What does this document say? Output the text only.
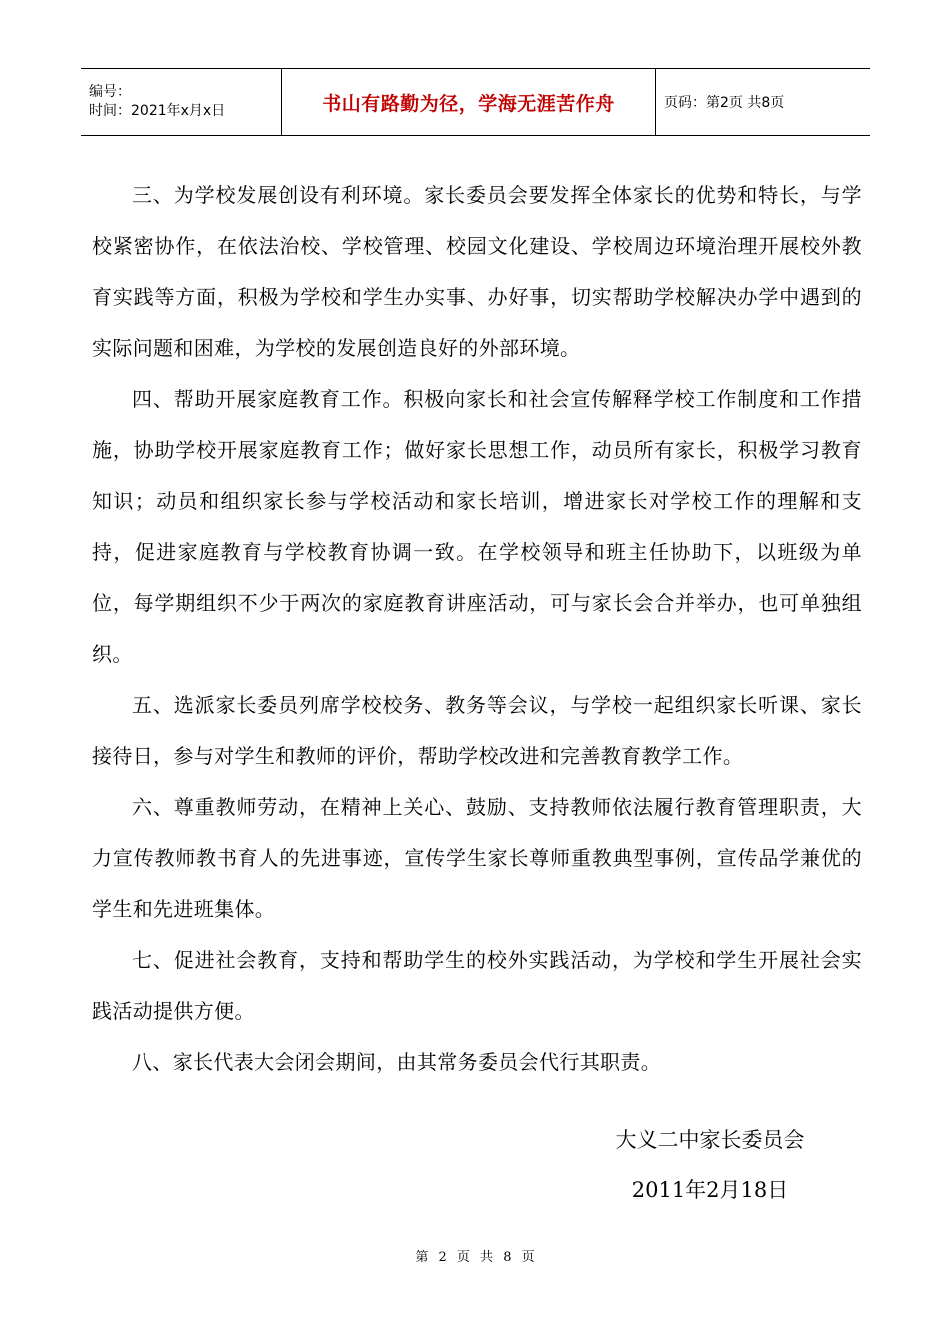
编号：
时间：2021年x月x日	书山有路勤为径，学海无涯苦作舟	页码：第2页 共8页

三、为学校发展创设有利环境。家长委员会要发挥全体家长的优势和特长，与学校紧密协作，在依法治校、学校管理、校园文化建设、学校周边环境治理开展校外教育实践等方面，积极为学校和学生办实事、办好事，切实帮助学校解决办学中遇到的实际问题和困难，为学校的发展创造良好的外部环境。

四、帮助开展家庭教育工作。积极向家长和社会宣传解释学校工作制度和工作措施，协助学校开展家庭教育工作；做好家长思想工作，动员所有家长，积极学习教育知识；动员和组织家长参与学校活动和家长培训，增进家长对学校工作的理解和支持，促进家庭教育与学校教育协调一致。在学校领导和班主任协助下，以班级为单位，每学期组织不少于两次的家庭教育讲座活动，可与家长会合并举办，也可单独组织。

五、选派家长委员列席学校校务、教务等会议，与学校一起组织家长听课、家长接待日，参与对学生和教师的评价，帮助学校改进和完善教育教学工作。

六、尊重教师劳动，在精神上关心、鼓励、支持教师依法履行教育管理职责，大力宣传教师教书育人的先进事迹，宣传学生家长尊师重教典型事例，宣传品学兼优的学生和先进班集体。

七、促进社会教育，支持和帮助学生的校外实践活动，为学校和学生开展社会实践活动提供方便。

八、家长代表大会闭会期间，由其常务委员会代行其职责。

大义二中家长委员会
2011年2月18日
第 2 页 共 8 页
